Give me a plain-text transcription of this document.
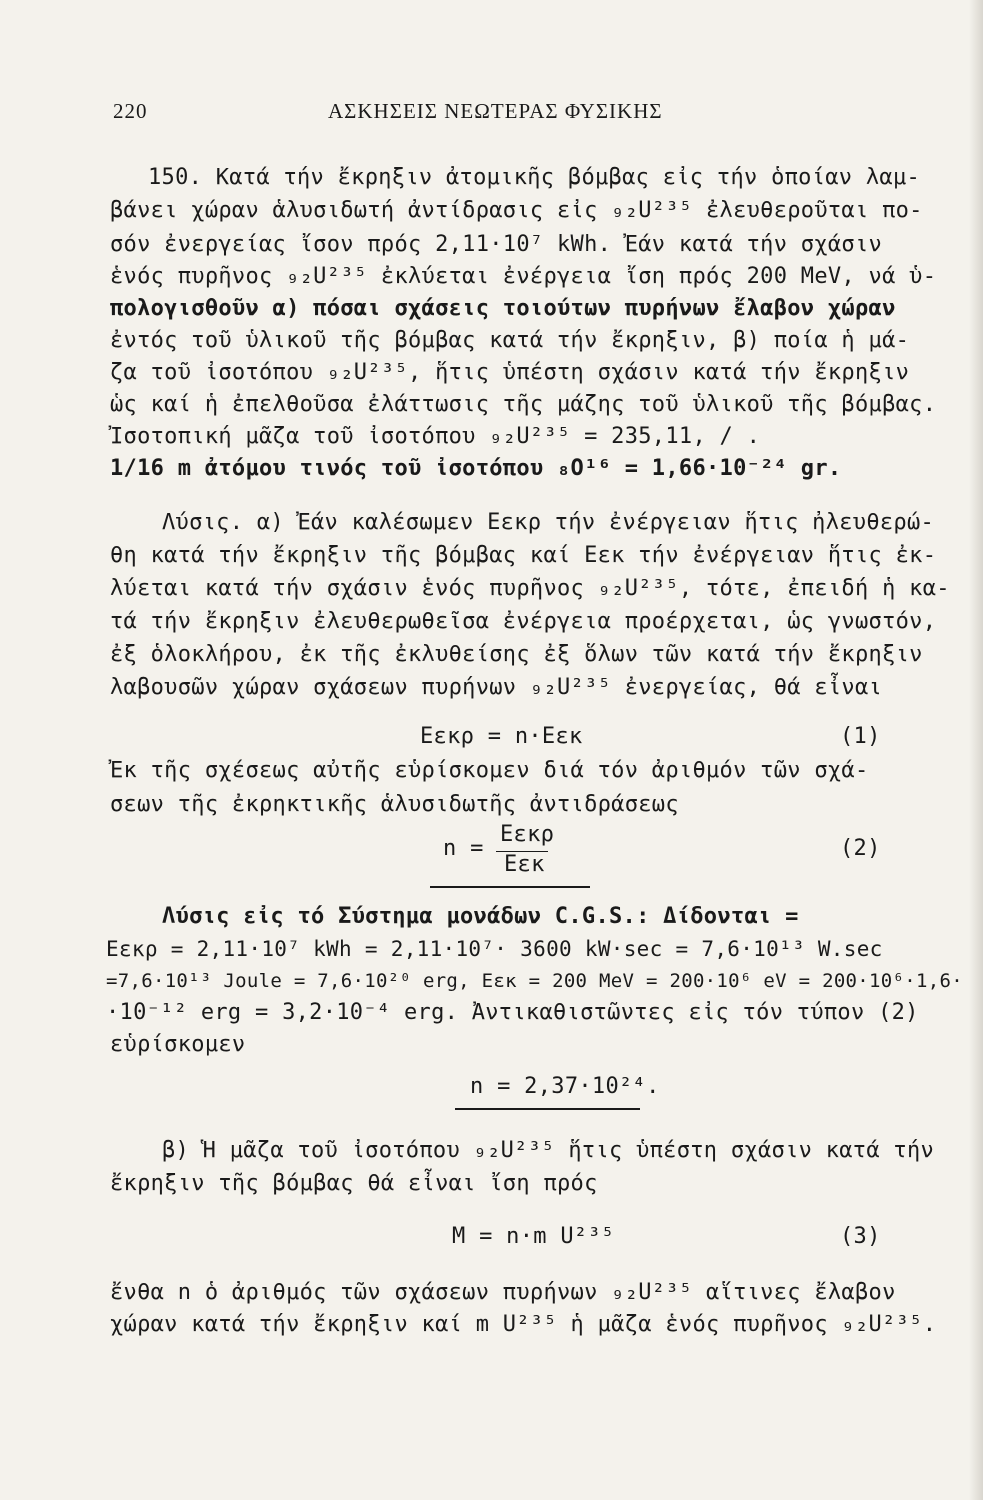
220	ΑΣΚΗΣΕΙΣ ΝΕΩΤΕΡΑΣ ΦΥΣΙΚΗΣ
150. Κατά τήν ἔκρηξιν ἀτομικῆς βόμβας εἰς τήν ὁποίαν λαμ-
βάνει χώραν ἁλυσιδωτή ἀντίδρασις εἰς ₉₂U²³⁵ ἐλευθεροῦται πο-
σόν ἐνεργείας ἴσον πρός 2,11·10⁷ kWh. Ἐάν κατά τήν σχάσιν
ἑνός πυρῆνος ₉₂U²³⁵ ἐκλύεται ἐνέργεια ἴση πρός 200 MeV, νά ὑ-
πολογισθοῦν α) πόσαι σχάσεις τοιούτων πυρήνων ἔλαβον χώραν
ἐντός τοῦ ὑλικοῦ τῆς βόμβας κατά τήν ἔκρηξιν, β) ποία ἡ μά-
ζα τοῦ ἰσοτόπου ₉₂U²³⁵, ἥτις ὑπέστη σχάσιν κατά τήν ἔκρηξιν
ὡς καί ἡ ἐπελθοῦσα ἐλάττωσις τῆς μάζης τοῦ ὑλικοῦ τῆς βόμβας.
Ἰσοτοπική μᾶζα τοῦ ἰσοτόπου ₉₂U²³⁵ = 235,11, / .
1/16 m ἀτόμου τινός τοῦ ἰσοτόπου ₈O¹⁶ = 1,66·10⁻²⁴ gr.
Λύσις. α) Ἐάν καλέσωμεν Eεκρ τήν ἐνέργειαν ἥτις ἠλευθερώ-
θη κατά τήν ἔκρηξιν τῆς βόμβας καί Eεκ τήν ἐνέργειαν ἥτις ἐκ-
λύεται κατά τήν σχάσιν ἑνός πυρῆνος ₉₂U²³⁵, τότε, ἐπειδή ἡ κα-
τά τήν ἔκρηξιν ἐλευθερωθεῖσα ἐνέργεια προέρχεται, ὡς γνωστόν,
ἐξ ὁλοκλήρου, ἐκ τῆς ἐκλυθείσης ἐξ ὅλων τῶν κατά τήν ἔκρηξιν
λαβουσῶν χώραν σχάσεων πυρήνων ₉₂U²³⁵ ἐνεργείας, θά εἶναι
Eεκρ = n·Eεκ	(1)
Ἐκ τῆς σχέσεως αὐτῆς εὑρίσκομεν διά τόν ἀριθμόν τῶν σχά-
σεων τῆς ἐκρηκτικῆς ἁλυσιδωτῆς ἀντιδράσεως
n =
Eεκρ
Eεκ
(2)
Λύσις εἰς τό Σύστημα μονάδων C.G.S.: Δίδονται =
Eεκρ = 2,11·10⁷ kWh = 2,11·10⁷· 3600 kW·sec = 7,6·10¹³ W.sec
=7,6·10¹³ Joule = 7,6·10²⁰ erg, Eεκ = 200 MeV = 200·10⁶ eV = 200·10⁶·1,6·
·10⁻¹² erg = 3,2·10⁻⁴ erg. Ἀντικαθιστῶντες εἰς τόν τύπον (2)
εὑρίσκομεν
n = 2,37·10²⁴.
β) Ἡ μᾶζα τοῦ ἰσοτόπου ₉₂U²³⁵ ἥτις ὑπέστη σχάσιν κατά τήν
ἔκρηξιν τῆς βόμβας θά εἶναι ἴση πρός
M = n·m U²³⁵	(3)
ἔνθα n ὁ ἀριθμός τῶν σχάσεων πυρήνων ₉₂U²³⁵ αἵτινες ἔλαβον
χώραν κατά τήν ἔκρηξιν καί m U²³⁵ ἡ μᾶζα ἑνός πυρῆνος ₉₂U²³⁵.
